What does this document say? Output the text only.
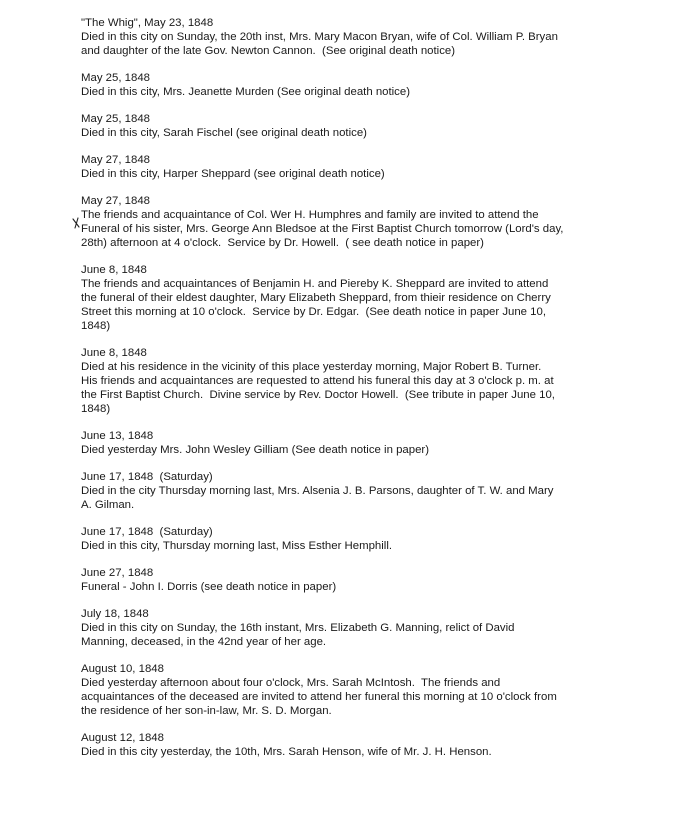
"The Whig", May 23, 1848
Died in this city on Sunday, the 20th inst, Mrs. Mary Macon Bryan, wife of Col. William P. Bryan
and daughter of the late Gov. Newton Cannon.  (See original death notice)
May 25, 1848
Died in this city, Mrs. Jeanette Murden (See original death notice)
May 25, 1848
Died in this city, Sarah Fischel (see original death notice)
May 27, 1848
Died in this city, Harper Sheppard (see original death notice)
May 27, 1848
The friends and acquaintance of Col. Wer H. Humphres and family are invited to attend the
Funeral of his sister, Mrs. George Ann Bledsoe at the First Baptist Church tomorrow (Lord's day,
28th) afternoon at 4 o'clock.  Service by Dr. Howell.  ( see death notice in paper)
June 8, 1848
The friends and acquaintances of Benjamin H. and Piereby K. Sheppard are invited to attend
the funeral of their eldest daughter, Mary Elizabeth Sheppard, from thieir residence on Cherry
Street this morning at 10 o'clock.  Service by Dr. Edgar.  (See death notice in paper June 10,
1848)
June 8, 1848
Died at his residence in the vicinity of this place yesterday morning, Major Robert B. Turner.
His friends and acquaintances are requested to attend his funeral this day at 3 o'clock p. m. at
the First Baptist Church.  Divine service by Rev. Doctor Howell.  (See tribute in paper June 10,
1848)
June 13, 1848
Died yesterday Mrs. John Wesley Gilliam (See death notice in paper)
June 17, 1848  (Saturday)
Died in the city Thursday morning last, Mrs. Alsenia J. B. Parsons, daughter of T. W. and Mary
A. Gilman.
June 17, 1848  (Saturday)
Died in this city, Thursday morning last, Miss Esther Hemphill.
June 27, 1848
Funeral - John I. Dorris (see death notice in paper)
July 18, 1848
Died in this city on Sunday, the 16th instant, Mrs. Elizabeth G. Manning, relict of David
Manning, deceased, in the 42nd year of her age.
August 10, 1848
Died yesterday afternoon about four o'clock, Mrs. Sarah McIntosh.  The friends and
acquaintances of the deceased are invited to attend her funeral this morning at 10 o'clock from
the residence of her son-in-law, Mr. S. D. Morgan.
August 12, 1848
Died in this city yesterday, the 10th, Mrs. Sarah Henson, wife of Mr. J. H. Henson.
